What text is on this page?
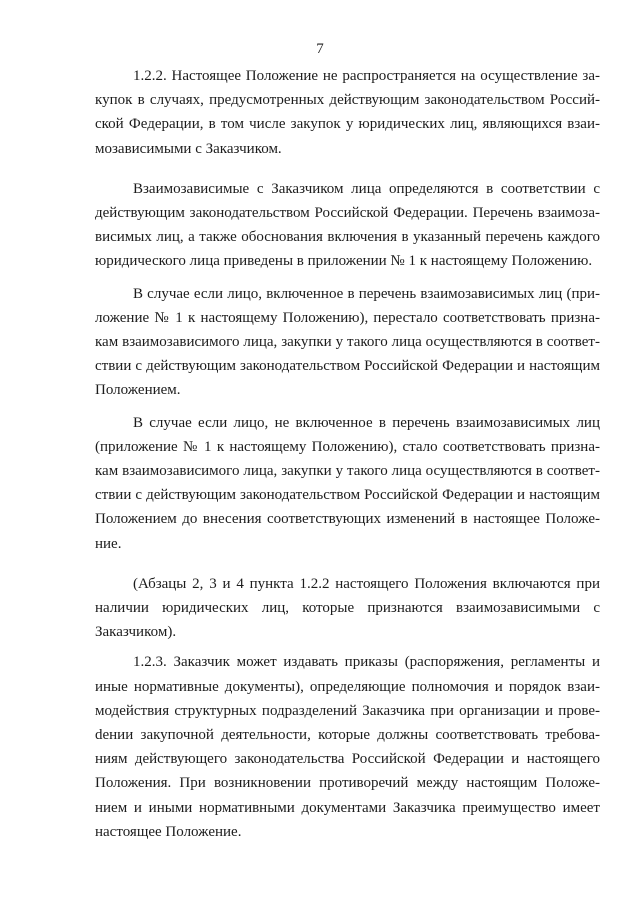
7

1.2.2. Настоящее Положение не распространяется на осуществление закупок в случаях, предусмотренных действующим законодательством Российской Федерации, в том числе закупок у юридических лиц, являющихся взаимозависимыми с Заказчиком.

Взаимозависимые с Заказчиком лица определяются в соответствии с действующим законодательством Российской Федерации. Перечень взаимозависимых лиц, а также обоснования включения в указанный перечень каждого юридического лица приведены в приложении № 1 к настоящему Положению.

В случае если лицо, включенное в перечень взаимозависимых лиц (приложение № 1 к настоящему Положению), перестало соответствовать признакам взаимозависимого лица, закупки у такого лица осуществляются в соответствии с действующим законодательством Российской Федерации и настоящим Положением.

В случае если лицо, не включенное в перечень взаимозависимых лиц (приложение № 1 к настоящему Положению), стало соответствовать признакам взаимозависимого лица, закупки у такого лица осуществляются в соответствии с действующим законодательством Российской Федерации и настоящим Положением до внесения соответствующих изменений в настоящее Положение.

(Абзацы 2, 3 и 4 пункта 1.2.2 настоящего Положения включаются при наличии юридических лиц, которые признаются взаимозависимыми с Заказчиком).

1.2.3. Заказчик может издавать приказы (распоряжения, регламенты и иные нормативные документы), определяющие полномочия и порядок взаимодействия структурных подразделений Заказчика при организации и провеdении закупочной деятельности, которые должны соответствовать требованиям действующего законодательства Российской Федерации и настоящего Положения. При возникновении противоречий между настоящим Положением и иными нормативными документами Заказчика преимущество имеет настоящее Положение.
